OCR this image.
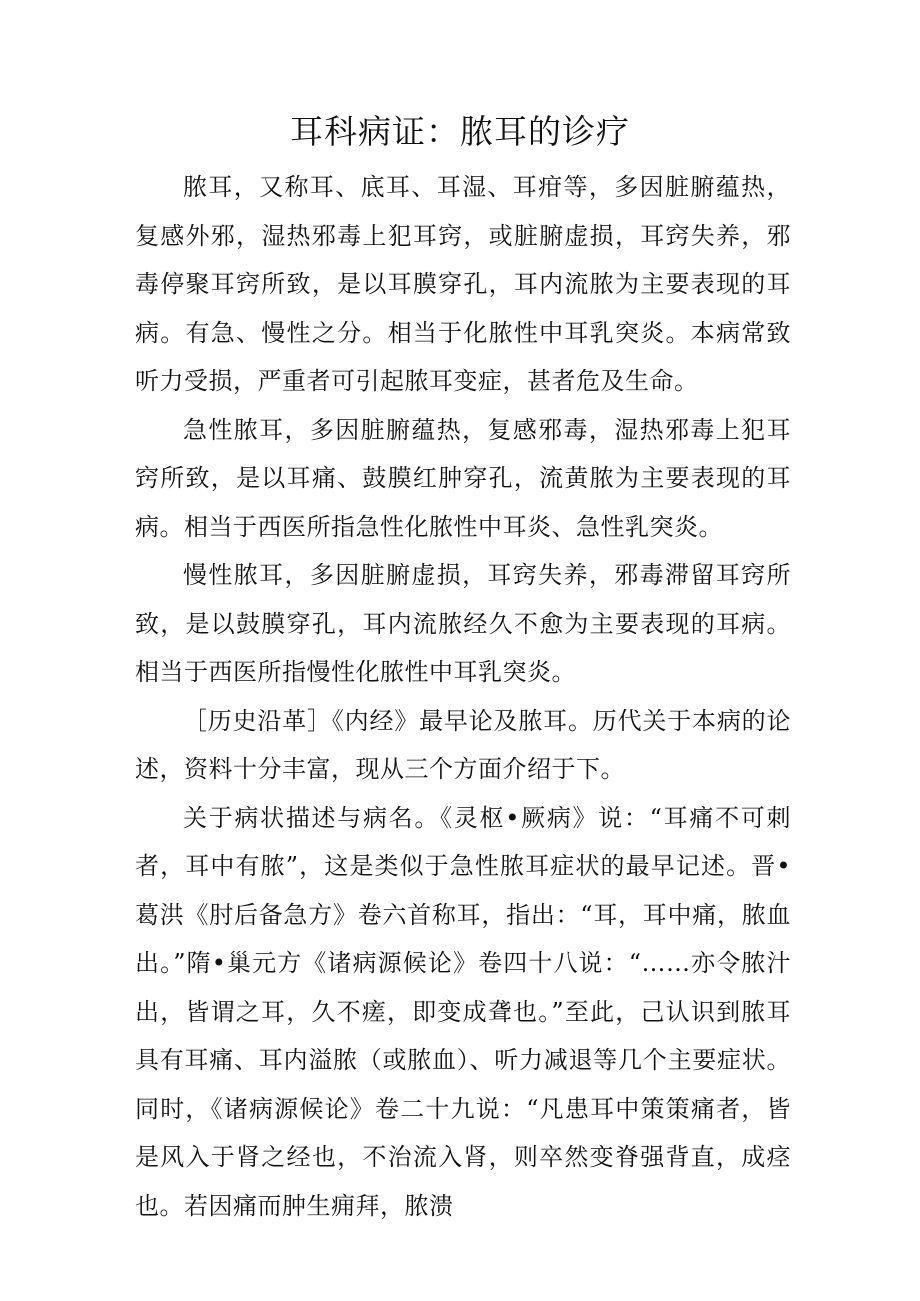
耳科病证：脓耳的诊疗

脓耳，又称耳、底耳、耳湿、耳疳等，多因脏腑蕴热，复感外邪，湿热邪毒上犯耳窍，或脏腑虚损，耳窍失养，邪毒停聚耳窍所致，是以耳膜穿孔，耳内流脓为主要表现的耳病。有急、慢性之分。相当于化脓性中耳乳突炎。本病常致听力受损，严重者可引起脓耳变症，甚者危及生命。

急性脓耳，多因脏腑蕴热，复感邪毒，湿热邪毒上犯耳窍所致，是以耳痛、鼓膜红肿穿孔，流黄脓为主要表现的耳病。相当于西医所指急性化脓性中耳炎、急性乳突炎。

慢性脓耳，多因脏腑虚损，耳窍失养，邪毒滞留耳窍所致，是以鼓膜穿孔，耳内流脓经久不愈为主要表现的耳病。相当于西医所指慢性化脓性中耳乳突炎。

［历史沿革］《内经》最早论及脓耳。历代关于本病的论述，资料十分丰富，现从三个方面介绍于下。

关于病状描述与病名。《灵枢•厥病》说：“耳痛不可刺者，耳中有脓”，这是类似于急性脓耳症状的最早记述。晋•葛洪《肘后备急方》卷六首称耳，指出：“耳，耳中痛，脓血出。”隋•巢元方《诸病源候论》卷四十八说：“……亦令脓汁出，皆谓之耳，久不瘥，即变成聋也。”至此，己认识到脓耳具有耳痛、耳内溢脓（或脓血）、听力减退等几个主要症状。同时，《诸病源候论》卷二十九说：“凡患耳中策策痛者，皆是风入于肾之经也，不治流入肾，则卒然变脊强背直，成痉也。若因痛而肿生痈拜，脓溃
